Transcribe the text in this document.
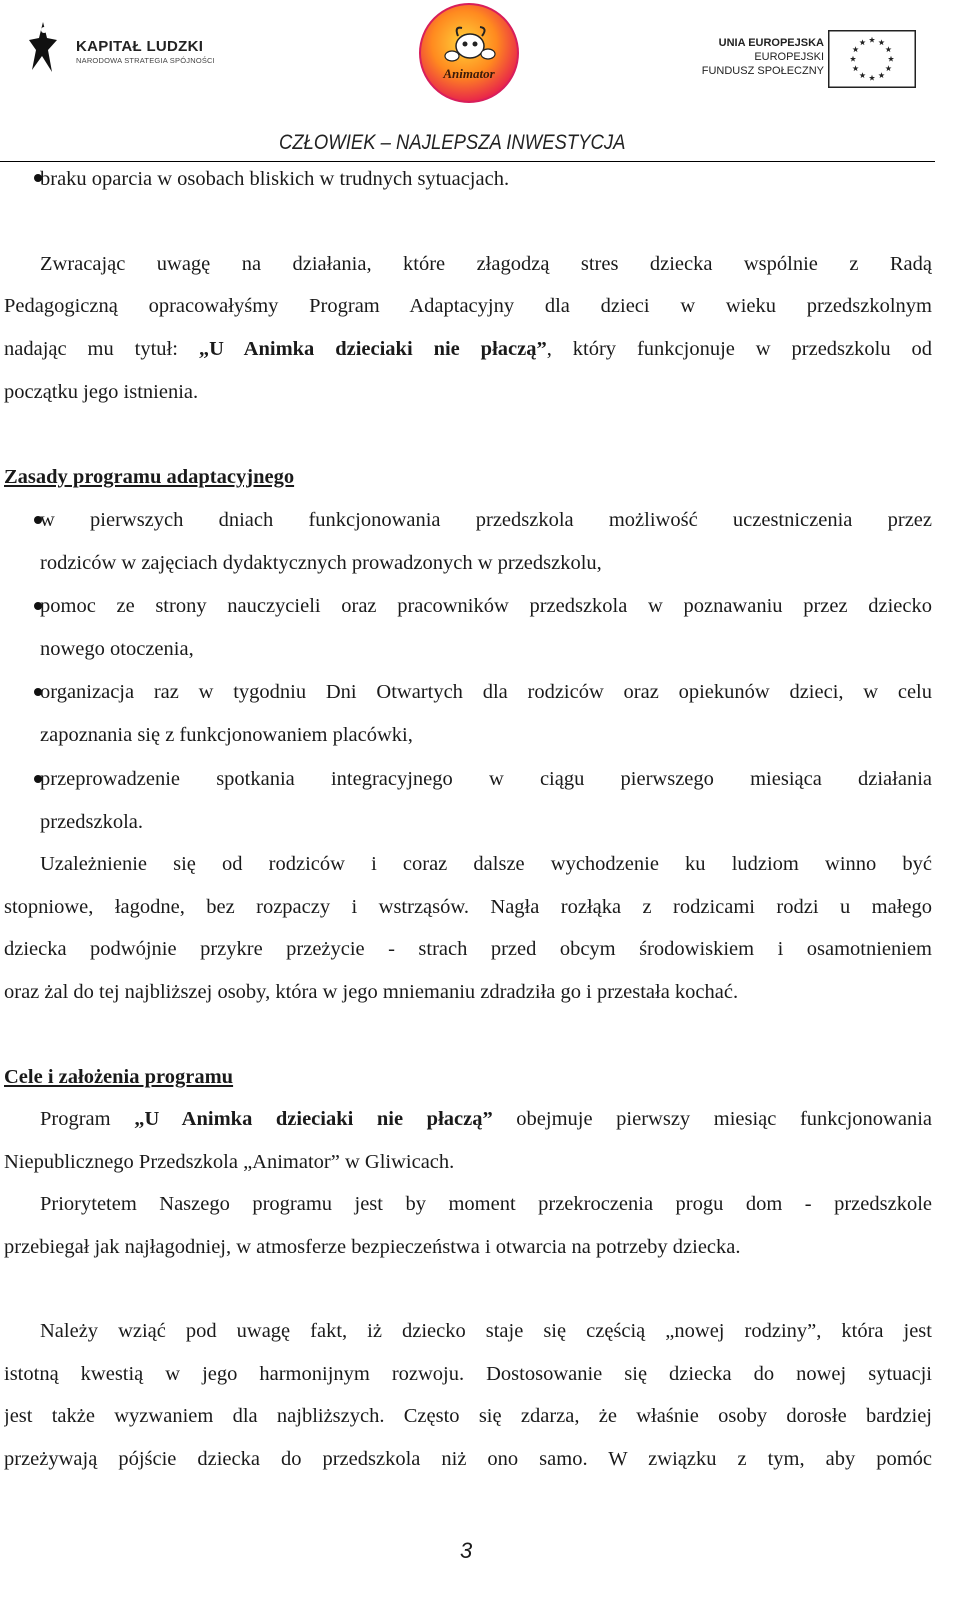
KAPITAŁ LUDZKI
NARODOWA STRATEGIA SPÓJNOŚCI
Animator
UNIA EUROPEJSKA
EUROPEJSKI
FUNDUSZ SPOŁECZNY
CZŁOWIEK – NAJLEPSZA INWESTYCJA
braku oparcia w osobach bliskich w trudnych sytuacjach.
Zwracając uwagę na działania, które złagodzą stres dziecka wspólnie z Radą
Pedagogiczną opracowałyśmy Program Adaptacyjny dla dzieci w wieku przedszkolnym
nadając mu tytuł: „U Animka dzieciaki nie płaczą”, który funkcjonuje w przedszkolu od
początku jego istnienia.
Zasady programu adaptacyjnego
w pierwszych dniach funkcjonowania przedszkola możliwość uczestniczenia przez
rodziców w zajęciach dydaktycznych prowadzonych w przedszkolu,
pomoc ze strony nauczycieli oraz pracowników przedszkola w poznawaniu przez dziecko
nowego otoczenia,
organizacja raz w tygodniu Dni Otwartych dla rodziców oraz opiekunów dzieci, w celu
zapoznania się z funkcjonowaniem placówki,
przeprowadzenie spotkania integracyjnego w ciągu pierwszego miesiąca działania
przedszkola.
Uzależnienie się od rodziców i coraz dalsze wychodzenie ku ludziom winno być
stopniowe, łagodne, bez rozpaczy i wstrząsów. Nagła rozłąka z rodzicami rodzi u małego
dziecka podwójnie przykre przeżycie - strach przed obcym środowiskiem i osamotnieniem
oraz żal do tej najbliższej osoby, która w jego mniemaniu zdradziła go i przestała kochać.
Cele i założenia programu
Program „U Animka dzieciaki nie płaczą” obejmuje pierwszy miesiąc funkcjonowania
Niepublicznego Przedszkola „Animator” w Gliwicach.
Priorytetem Naszego programu jest by moment przekroczenia progu dom - przedszkole
przebiegał jak najłagodniej, w atmosferze bezpieczeństwa i otwarcia na potrzeby dziecka.
Należy wziąć pod uwagę fakt, iż dziecko staje się częścią „nowej rodziny”, która jest
istotną kwestią w jego harmonijnym rozwoju. Dostosowanie się dziecka do nowej sytuacji
jest także wyzwaniem dla najbliższych. Często się zdarza, że właśnie osoby dorosłe bardziej
przeżywają pójście dziecka do przedszkola niż ono samo. W związku z tym, aby pomóc
3
